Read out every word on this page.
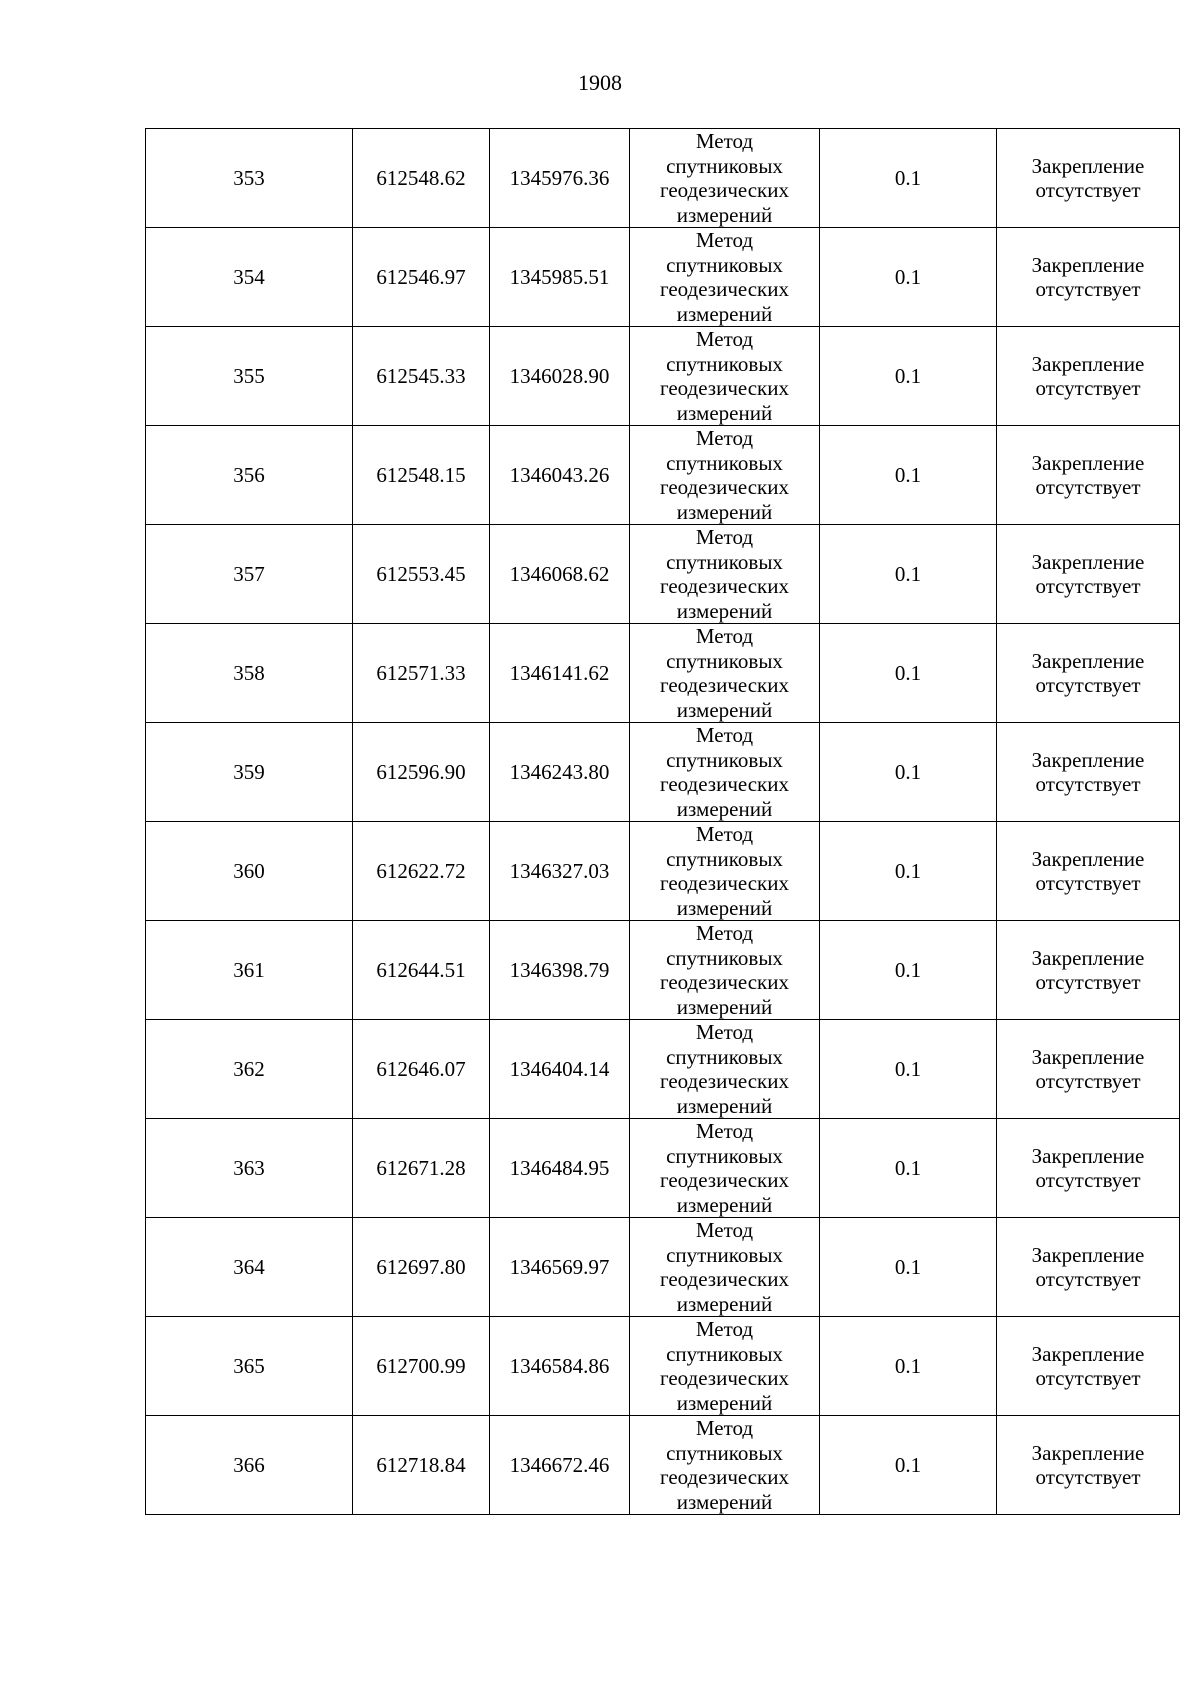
1908
353	612548.62	1345976.36	Метод
спутниковых
геодезических
измерений	0.1	Закрепление
отсутствует

354	612546.97	1345985.51	Метод
спутниковых
геодезических
измерений	0.1	Закрепление
отсутствует

355	612545.33	1346028.90	Метод
спутниковых
геодезических
измерений	0.1	Закрепление
отсутствует

356	612548.15	1346043.26	Метод
спутниковых
геодезических
измерений	0.1	Закрепление
отсутствует

357	612553.45	1346068.62	Метод
спутниковых
геодезических
измерений	0.1	Закрепление
отсутствует

358	612571.33	1346141.62	Метод
спутниковых
геодезических
измерений	0.1	Закрепление
отсутствует

359	612596.90	1346243.80	Метод
спутниковых
геодезических
измерений	0.1	Закрепление
отсутствует

360	612622.72	1346327.03	Метод
спутниковых
геодезических
измерений	0.1	Закрепление
отсутствует

361	612644.51	1346398.79	Метод
спутниковых
геодезических
измерений	0.1	Закрепление
отсутствует

362	612646.07	1346404.14	Метод
спутниковых
геодезических
измерений	0.1	Закрепление
отсутствует

363	612671.28	1346484.95	Метод
спутниковых
геодезических
измерений	0.1	Закрепление
отсутствует

364	612697.80	1346569.97	Метод
спутниковых
геодезических
измерений	0.1	Закрепление
отсутствует

365	612700.99	1346584.86	Метод
спутниковых
геодезических
измерений	0.1	Закрепление
отсутствует

366	612718.84	1346672.46	Метод
спутниковых
геодезических
измерений	0.1	Закрепление
отсутствует
